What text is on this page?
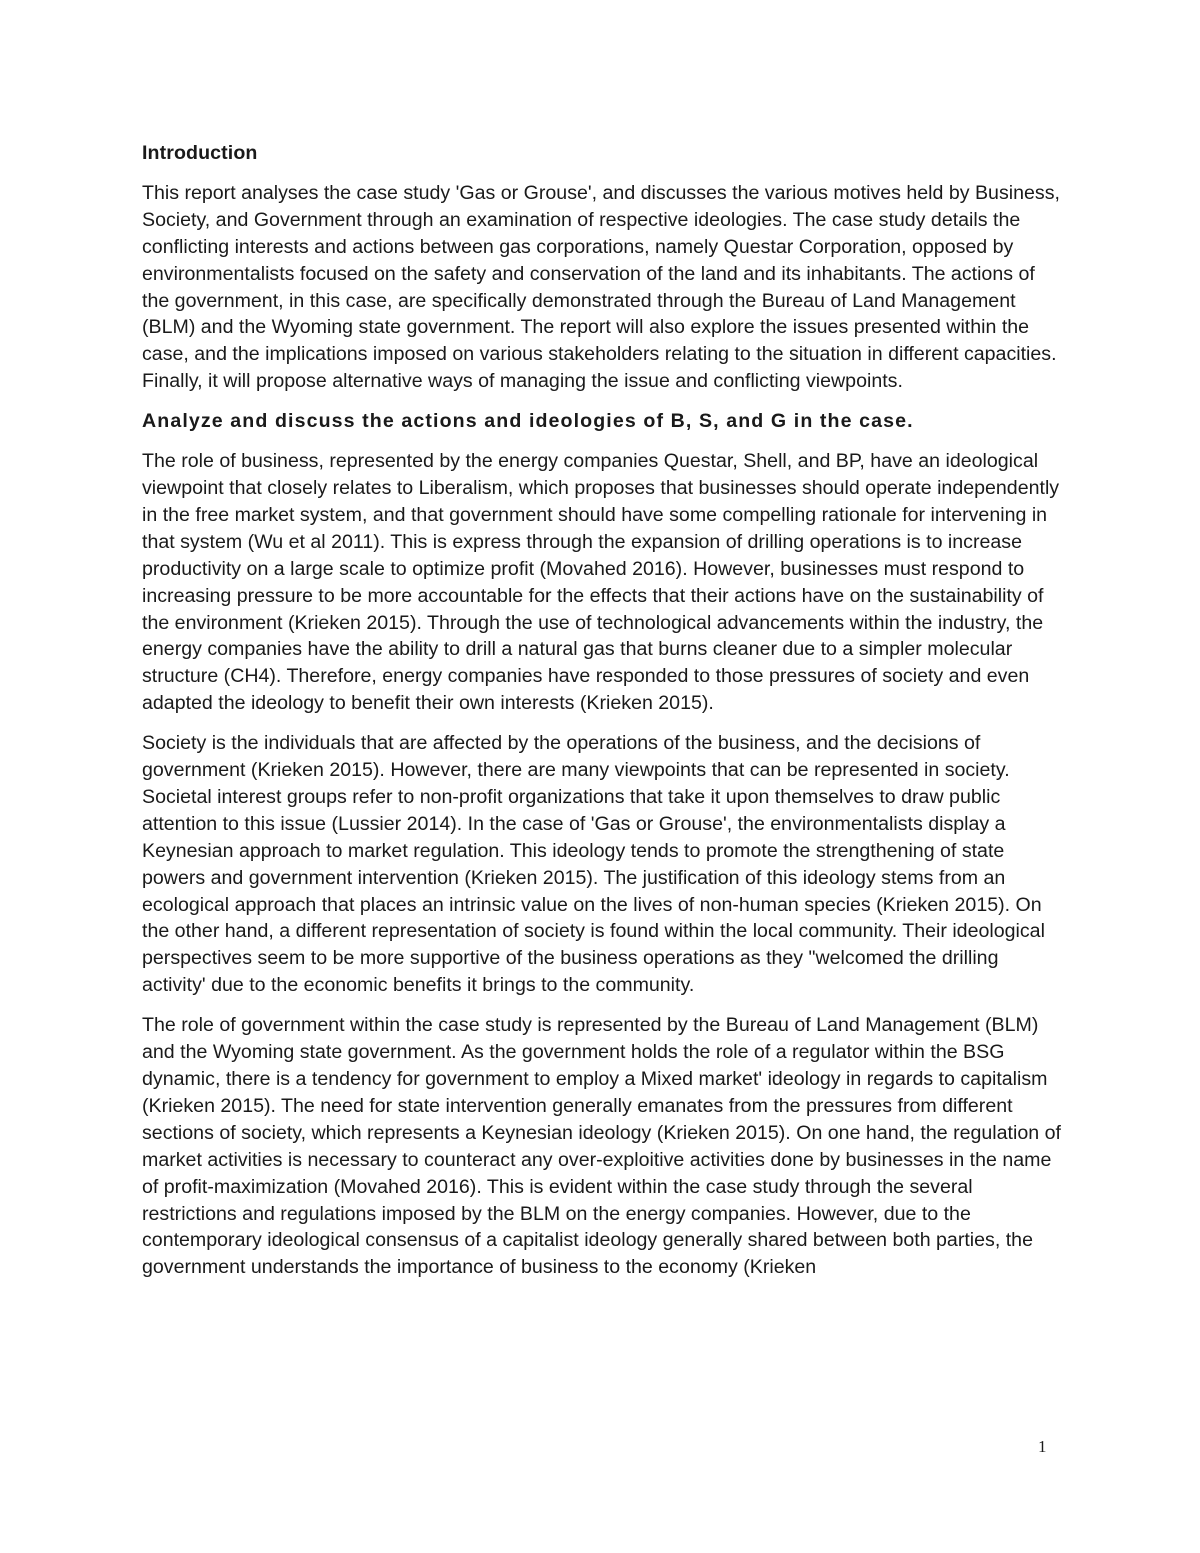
Introduction

This report analyses the case study 'Gas or Grouse', and discusses the various motives held by Business, Society, and Government through an examination of respective ideologies. The case study details the conflicting interests and actions between gas corporations, namely Questar Corporation, opposed by environmentalists focused on the safety and conservation of the land and its inhabitants. The actions of the government, in this case, are specifically demonstrated through the Bureau of Land Management (BLM) and the Wyoming state government. The report will also explore the issues presented within the case, and the implications imposed on various stakeholders relating to the situation in different capacities. Finally, it will propose alternative ways of managing the issue and conflicting viewpoints.

Analyze and discuss the actions and ideologies of B, S, and G in the case.

The role of business, represented by the energy companies Questar, Shell, and BP, have an ideological viewpoint that closely relates to Liberalism, which proposes that businesses should operate independently in the free market system, and that government should have some compelling rationale for intervening in that system (Wu et al 2011). This is express through the expansion of drilling operations is to increase productivity on a large scale to optimize profit (Movahed 2016). However, businesses must respond to increasing pressure to be more accountable for the effects that their actions have on the sustainability of the environment (Krieken 2015). Through the use of technological advancements within the industry, the energy companies have the ability to drill a natural gas that burns cleaner due to a simpler molecular structure (CH4). Therefore, energy companies have responded to those pressures of society and even adapted the ideology to benefit their own interests (Krieken 2015).

Society is the individuals that are affected by the operations of the business, and the decisions of government (Krieken 2015). However, there are many viewpoints that can be represented in society. Societal interest groups refer to non-profit organizations that take it upon themselves to draw public attention to this issue (Lussier 2014). In the case of 'Gas or Grouse', the environmentalists display a Keynesian approach to market regulation. This ideology tends to promote the strengthening of state powers and government intervention (Krieken 2015). The justification of this ideology stems from an ecological approach that places an intrinsic value on the lives of non-human species (Krieken 2015). On the other hand, a different representation of society is found within the local community. Their ideological perspectives seem to be more supportive of the business operations as they "welcomed the drilling activity' due to the economic benefits it brings to the community.

The role of government within the case study is represented by the Bureau of Land Management (BLM) and the Wyoming state government. As the government holds the role of a regulator within the BSG dynamic, there is a tendency for government to employ a Mixed market' ideology in regards to capitalism (Krieken 2015). The need for state intervention generally emanates from the pressures from different sections of society, which represents a Keynesian ideology (Krieken 2015). On one hand, the regulation of market activities is necessary to counteract any over-exploitive activities done by businesses in the name of profit-maximization (Movahed 2016). This is evident within the case study through the several restrictions and regulations imposed by the BLM on the energy companies. However, due to the contemporary ideological consensus of a capitalist ideology generally shared between both parties, the government understands the importance of business to the economy (Krieken

1
